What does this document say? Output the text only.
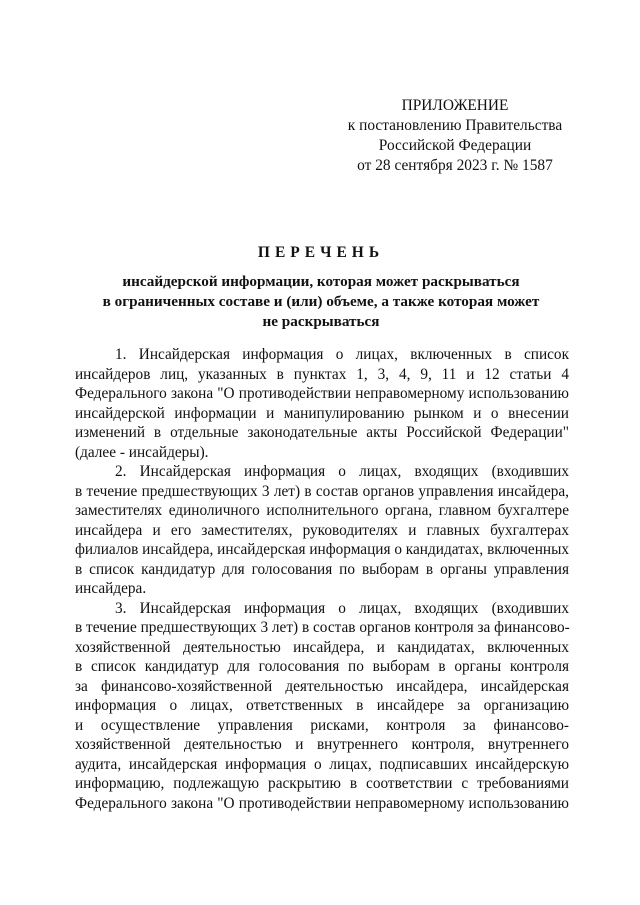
ПРИЛОЖЕНИЕ
к постановлению Правительства
Российской Федерации
от 28 сентября 2023 г. № 1587
ПЕРЕЧЕНЬ
инсайдерской информации, которая может раскрываться
в ограниченных составе и (или) объеме, а также которая может
не раскрываться
1. Инсайдерская информация о лицах, включенных в список
инсайдеров лиц, указанных в пунктах 1, 3, 4, 9, 11 и 12 статьи 4
Федерального закона "О противодействии неправомерному использованию
инсайдерской информации и манипулированию рынком и о внесении
изменений в отдельные законодательные акты Российской Федерации"
(далее - инсайдеры).
2. Инсайдерская информация о лицах, входящих (входивших
в течение предшествующих 3 лет) в состав органов управления инсайдера,
заместителях единоличного исполнительного органа, главном бухгалтере
инсайдера и его заместителях, руководителях и главных бухгалтерах
филиалов инсайдера, инсайдерская информация о кандидатах, включенных
в список кандидатур для голосования по выборам в органы управления
инсайдера.
3. Инсайдерская информация о лицах, входящих (входивших
в течение предшествующих 3 лет) в состав органов контроля за финансово-
хозяйственной деятельностью инсайдера, и кандидатах, включенных
в список кандидатур для голосования по выборам в органы контроля
за финансово-хозяйственной деятельностью инсайдера, инсайдерская
информация о лицах, ответственных в инсайдере за организацию
и осуществление управления рисками, контроля за финансово-
хозяйственной деятельностью и внутреннего контроля, внутреннего
аудита, инсайдерская информация о лицах, подписавших инсайдерскую
информацию, подлежащую раскрытию в соответствии с требованиями
Федерального закона "О противодействии неправомерному использованию
